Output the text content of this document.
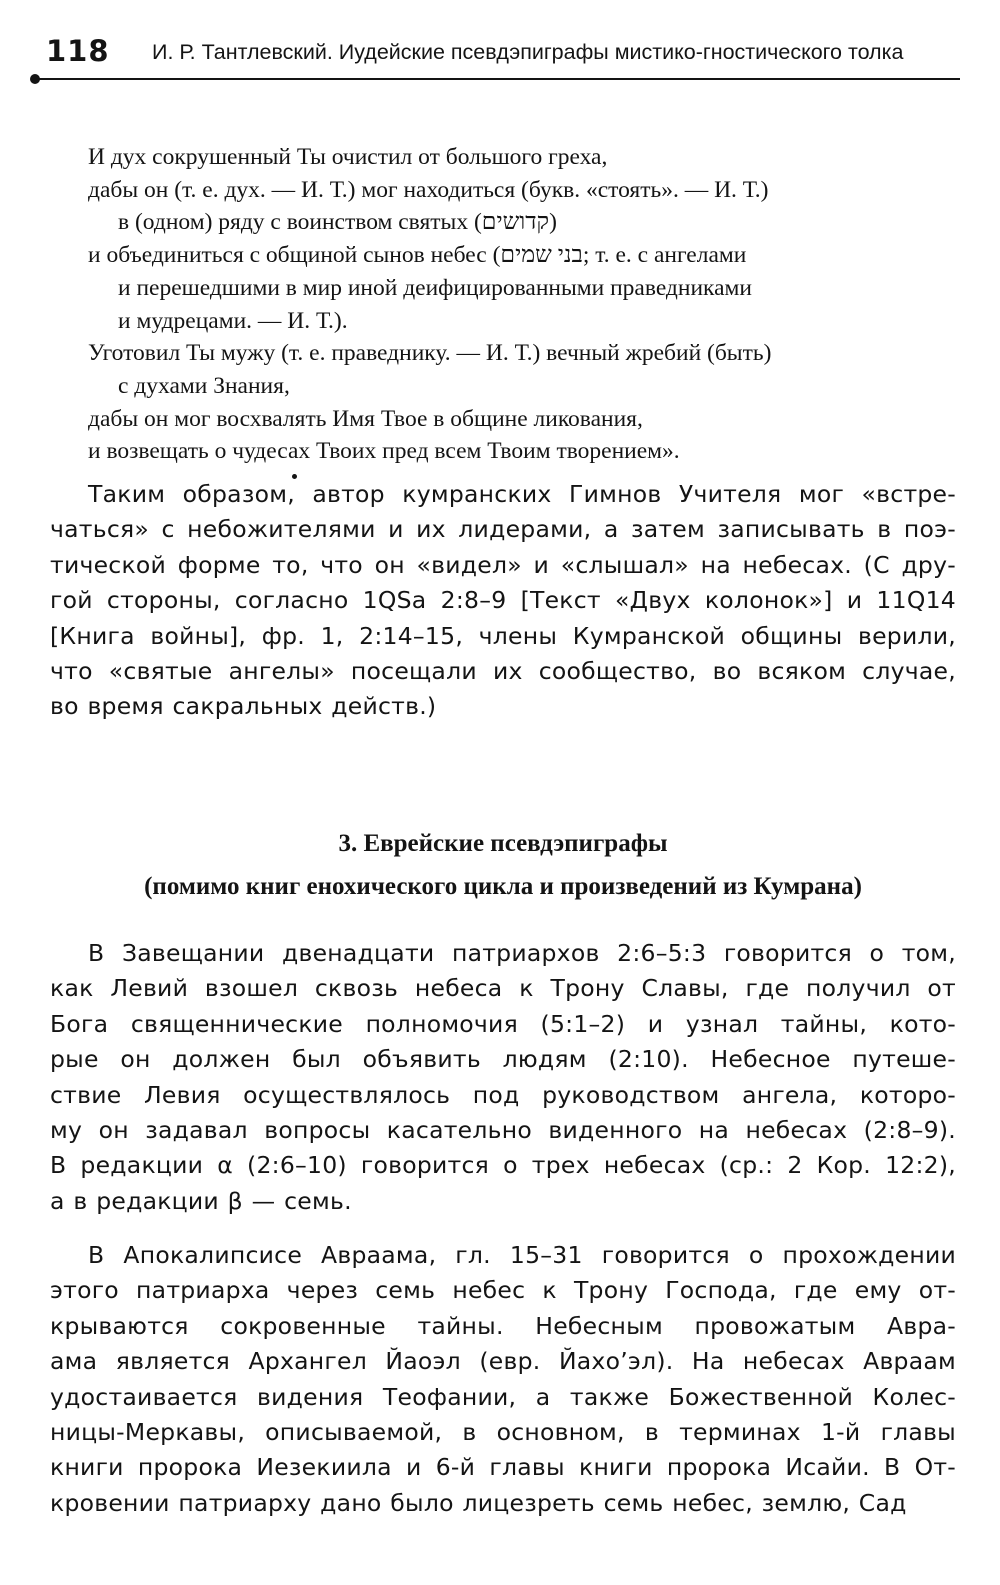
118 И. Р. Тантлевский. Иудейские псевдэпиграфы мистико-гностического толка
И дух сокрушенный Ты очистил от большого греха,
дабы он (т. е. дух. — И. Т.) мог находиться (букв. «стоять». — И. Т.)
в (одном) ряду с воинством святых (קדושים)
и объединиться с общиной сынов небес (בני שמים; т. е. с ангелами
и перешедшими в мир иной деифицированными праведниками
и мудрецами. — И. Т.).
Уготовил Ты мужу (т. е. праведнику. — И. Т.) вечный жребий (быть)
с духами Знания,
дабы он мог восхвалять Имя Твое в общине ликования,
и возвещать о чудесах Твоих пред всем Твоим творением».
Таким образом, автор кумранских Гимнов Учителя мог «встре-
чаться» с небожителями и их лидерами, а затем записывать в поэ-
тической форме то, что он «видел» и «слышал» на небесах. (С дру-
гой стороны, согласно 1QSa 2:8–9 [Текст «Двух колонок»] и 11Q14
[Книга войны], фр. 1, 2:14–15, члены Кумранской общины верили,
что «святые ангелы» посещали их сообщество, во всяком случае,
во время сакральных действ.)
3. Еврейские псевдэпиграфы
(помимо книг енохического цикла и произведений из Кумрана)
В Завещании двенадцати патриархов 2:6–5:3 говорится о том,
как Левий взошел сквозь небеса к Трону Славы, где получил от
Бога священнические полномочия (5:1–2) и узнал тайны, кото-
рые он должен был объявить людям (2:10). Небесное путеше-
ствие Левия осуществлялось под руководством ангела, которо-
му он задавал вопросы касательно виденного на небесах (2:8–9).
В редакции α (2:6–10) говорится о трех небесах (ср.: 2 Кор. 12:2),
а в редакции β — семь.
В Апокалипсисе Авраама, гл. 15–31 говорится о прохождении
этого патриарха через семь небес к Трону Господа, где ему от-
крываются сокровенные тайны. Небесным провожатым Авра-
ама является Архангел Йаоэл (евр. Йахо’эл). На небесах Авраам
удостаивается видения Теофании, а также Божественной Колес-
ницы-Меркавы, описываемой, в основном, в терминах 1-й главы
книги пророка Иезекиила и 6-й главы книги пророка Исайи. В От-
кровении патриарху дано было лицезреть семь небес, землю, Сад
